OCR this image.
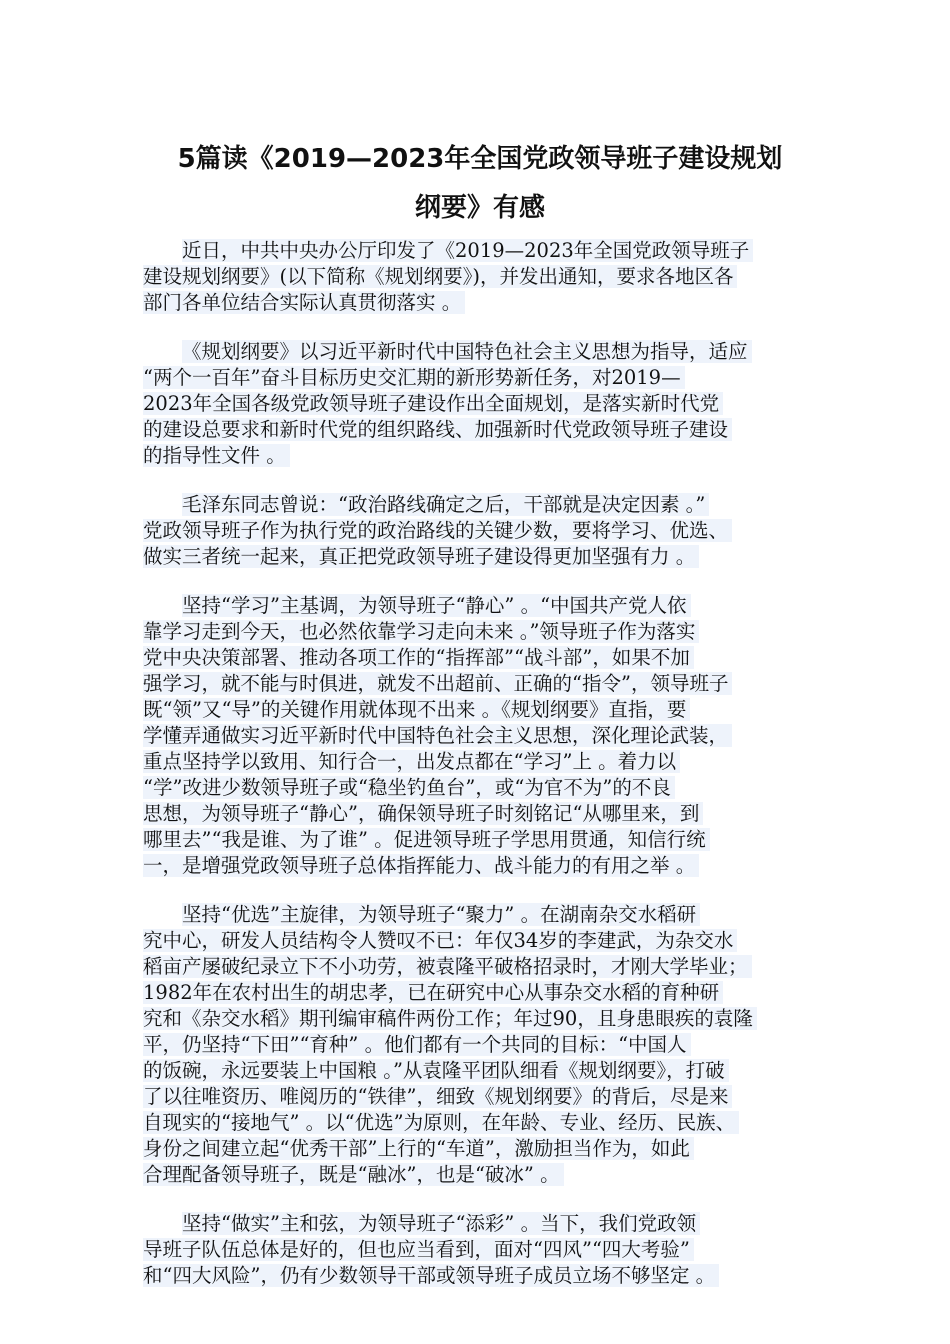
5篇读《2019—2023年全国党政领导班子建设规划
纲要》有感
近日，中共中央办公厅印发了《2019—2023年全国党政领导班子
建设规划纲要》(以下简称《规划纲要》)，并发出通知，要求各地区各
部门各单位结合实际认真贯彻落实 。
《规划纲要》以习近平新时代中国特色社会主义思想为指导，适应
“两个一百年”奋斗目标历史交汇期的新形势新任务，对2019—
2023年全国各级党政领导班子建设作出全面规划，是落实新时代党
的建设总要求和新时代党的组织路线、加强新时代党政领导班子建设
的指导性文件 。
毛泽东同志曾说：“政治路线确定之后，干部就是决定因素 。”
党政领导班子作为执行党的政治路线的关键少数，要将学习、优选、
做实三者统一起来，真正把党政领导班子建设得更加坚强有力 。
坚持“学习”主基调，为领导班子“静心” 。“中国共产党人依
靠学习走到今天，也必然依靠学习走向未来 。”领导班子作为落实
党中央决策部署、推动各项工作的“指挥部”“战斗部”，如果不加
强学习，就不能与时俱进，就发不出超前、正确的“指令”，领导班子
既“领”又“导”的关键作用就体现不出来 。《规划纲要》直指，要
学懂弄通做实习近平新时代中国特色社会主义思想，深化理论武装，
重点坚持学以致用、知行合一，出发点都在“学习”上 。着力以
“学”改进少数领导班子或“稳坐钓鱼台”，或“为官不为”的不良
思想，为领导班子“静心”，确保领导班子时刻铭记“从哪里来，到
哪里去”“我是谁、为了谁” 。促进领导班子学思用贯通，知信行统
一，是增强党政领导班子总体指挥能力、战斗能力的有用之举 。
坚持“优选”主旋律，为领导班子“聚力” 。在湖南杂交水稻研
究中心，研发人员结构令人赞叹不已：年仅34岁的李建武，为杂交水
稻亩产屡破纪录立下不小功劳，被袁隆平破格招录时，才刚大学毕业；
1982年在农村出生的胡忠孝，已在研究中心从事杂交水稻的育种研
究和《杂交水稻》期刊编审稿件两份工作；年过90，且身患眼疾的袁隆
平，仍坚持“下田”“育种” 。他们都有一个共同的目标：“中国人
的饭碗，永远要装上中国粮 。”从袁隆平团队细看《规划纲要》，打破
了以往唯资历、唯阅历的“铁律”，细致《规划纲要》的背后，尽是来
自现实的“接地气” 。以“优选”为原则，在年龄、专业、经历、民族、
身份之间建立起“优秀干部”上行的“车道”，激励担当作为，如此
合理配备领导班子，既是“融冰”，也是“破冰” 。
坚持“做实”主和弦，为领导班子“添彩” 。当下，我们党政领
导班子队伍总体是好的，但也应当看到，面对“四风”“四大考验”
和“四大风险”，仍有少数领导干部或领导班子成员立场不够坚定 。
